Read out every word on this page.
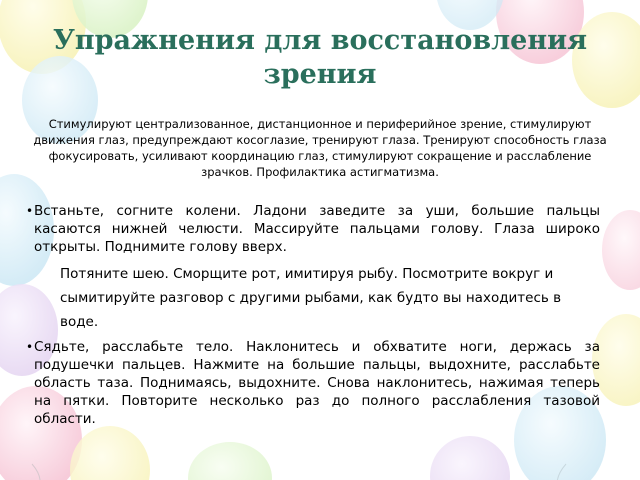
Упражнения для восстановления зрения

Стимулируют централизованное, дистанционное и периферийное зрение, стимулируют движения глаз, предупреждают косоглазие, тренируют глаза. Тренируют способность глаза фокусировать, усиливают координацию глаз, стимулируют сокращение и расслабление зрачков. Профилактика астигматизма.

• Встаньте, согните колени. Ладони заведите за уши, большие пальцы касаются нижней челюсти. Массируйте пальцами голову. Глаза широко открыты. Поднимите голову вверх.

Потяните шею. Сморщите рот, имитируя рыбу. Посмотрите вокруг и сымитируйте разговор с другими рыбами, как будто вы находитесь в воде.

• Сядьте, расслабьте тело. Наклонитесь и обхватите ноги, держась за подушечки пальцев. Нажмите на большие пальцы, выдохните, расслабьте область таза. Поднимаясь, выдохните. Снова наклонитесь, нажимая теперь на пятки. Повторите несколько раз до полного расслабления тазовой области.
